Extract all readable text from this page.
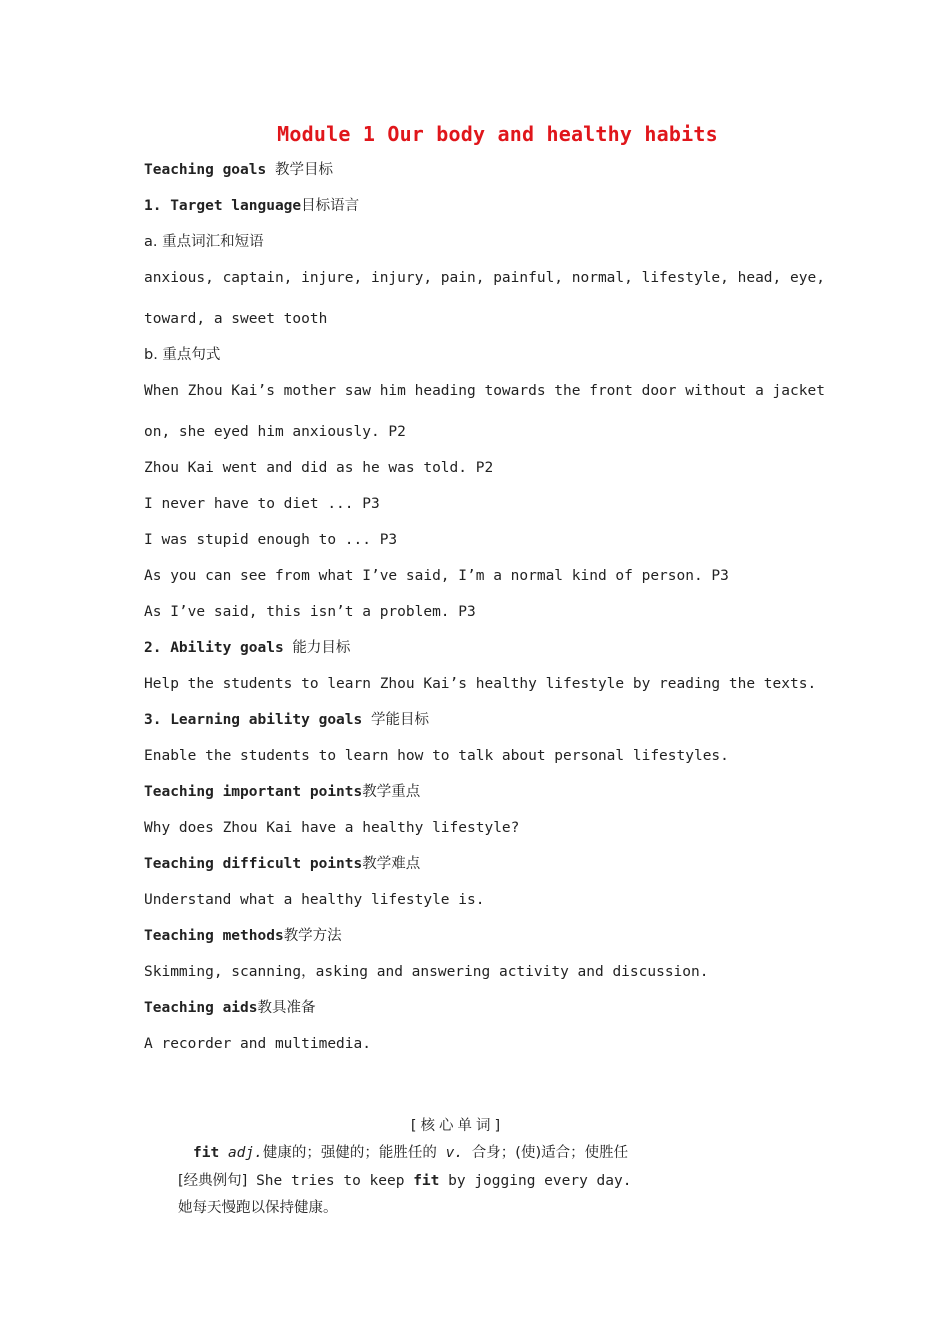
Module 1 Our body and healthy habits
Teaching goals 教学目标
1. Target language目标语言
a. 重点词汇和短语
anxious, captain, injure, injury, pain, painful, normal, lifestyle, head, eye,
toward, a sweet tooth
b. 重点句式
When Zhou Kai’s mother saw him heading towards the front door without a jacket
on, she eyed him anxiously. P2
Zhou Kai went and did as he was told. P2
I never have to diet ... P3
I was stupid enough to ... P3
As you can see from what I’ve said, I’m a normal kind of person. P3
As I’ve said, this isn’t a problem. P3
2. Ability goals 能力目标
Help the students to learn Zhou Kai’s healthy lifestyle by reading the texts.
3. Learning ability goals 学能目标
Enable the students to learn how to talk about personal lifestyles.
Teaching important points教学重点
Why does Zhou Kai have a healthy lifestyle?
Teaching difficult points教学难点
Understand what a healthy lifestyle is.
Teaching methods教学方法
Skimming, scanning，asking and answering activity and discussion.
Teaching aids教具准备
A recorder and multimedia.
[核心单词]
fit adj.健康的；强健的；能胜任的 v. 合身；(使)适合；使胜任
[经典例句] She tries to keep fit by jogging every day.
她每天慢跑以保持健康。
